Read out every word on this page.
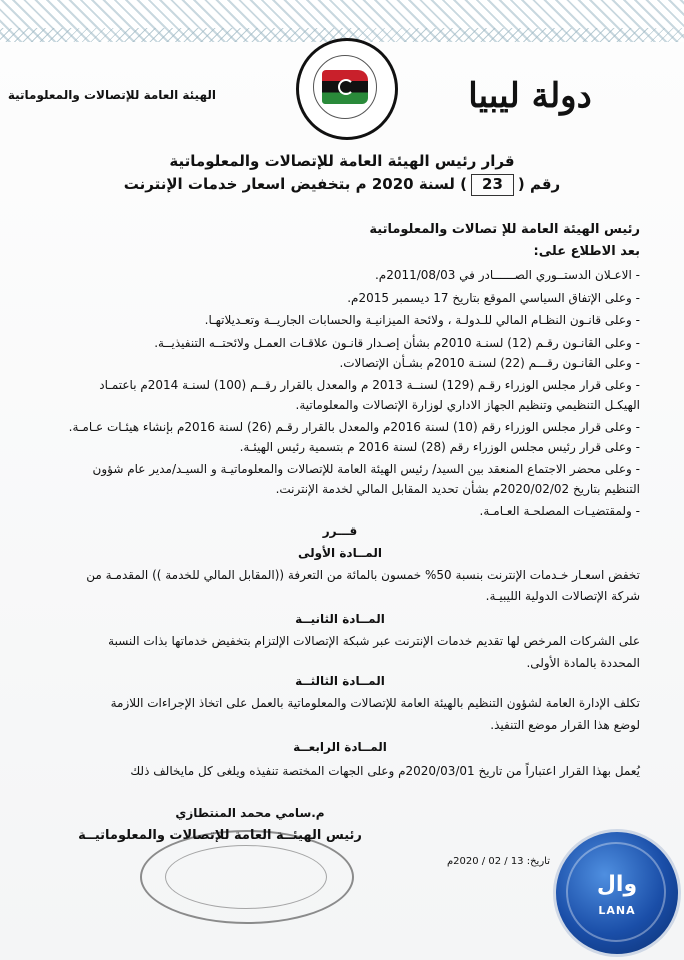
الهيئة العامة للإتصالات والمعلوماتية	دولة ليبيا
قرار رئيس الهيئة العامة للإتصالات والمعلوماتية
رقم (23) لسنة 2020 م بتخفيض اسعار خدمات الإنترنت
رئيس الهيئة العامة للإ تصالات والمعلوماتية
بعد الاطلاع على:
- الاعـلان الدستــوري الصــــــادر في 2011/08/03م.
- وعلى الإتفاق السياسي الموقع بتاريخ 17 ديسمبر 2015م.
- وعلى قانـون النظـام المالي للـدولـة ، ولائحة الميزانيـة والحسابات الجاريــة وتعـديلاتهـا.
- وعلى القانـون رقـم (12) لسنـة 2010م بشأن إصـدار قانـون علاقـات العمـل ولائحتــه التنفيذيــة.
- وعلى القانـون رقـــم (22) لسنـة 2010م بشـأن الإتصالات.
- وعلى قرار مجلس الوزراء رقـم (129) لسنــة 2013 م والمعدل بالقرار رقــم (100) لسنـة 2014م باعتمـاد
الهيكـل التنظيمي وتنظيم الجهاز الاداري لوزارة الإتصالات والمعلوماتية.
- وعلى قرار مجلس الوزراء رقم (10) لسنة 2016م والمعدل بالقرار رقـم (26) لسنة 2016م بإنشاء هيئـات عـامـة.
- وعلى قرار رئيس مجلس الوزراء رقم (28) لسنة 2016 م بتسمية رئيس الهيئـة.
- وعلى محضر الاجتماع المنعقد بين السيد/ رئيس الهيئة العامة للإتصالات والمعلوماتيـة و السيـد/مدير عام شؤون
التنظيم بتاريخ 2020/02/02م بشأن تحديد المقابل المالي لخدمة الإنترنت.
- ولمقتضيـات المصلحـة العـامـة.
قـــرر
المــادة الأولى
تخفض اسعـار خـدمات الإنترنت بنسبة 50% خمسون بالمائة من التعرفة ((المقابل المالي للخدمة )) المقدمـة من
شركة الإتصالات الدولية الليبيـة.
المــادة الثانيــة
على الشركات المرخص لها تقديم خدمات الإنترنت عبر شبكة الإتصالات الإلتزام بتخفيض خدماتها بذات النسبة
المحددة بالمادة الأولى.
المــادة الثالثــة
تكلف الإدارة العامة لشؤون التنظيم بالهيئة العامة للإتصالات والمعلوماتية بالعمل على اتخاذ الإجراءات اللازمة
لوضع هذا القرار موضع التنفيذ.
المــادة الرابعــة
يُعمل بهذا القرار اعتباراً من تاريخ 2020/03/01م وعلى الجهات المختصة تنفيذه ويلغى كل مايخالف ذلك
م.سامي محمد المنتطازي
رئيس الهيئــة العامة للإتصالات والمعلوماتيــة
تاريخ: 13 / 02 / 2020م
وال
LANA
